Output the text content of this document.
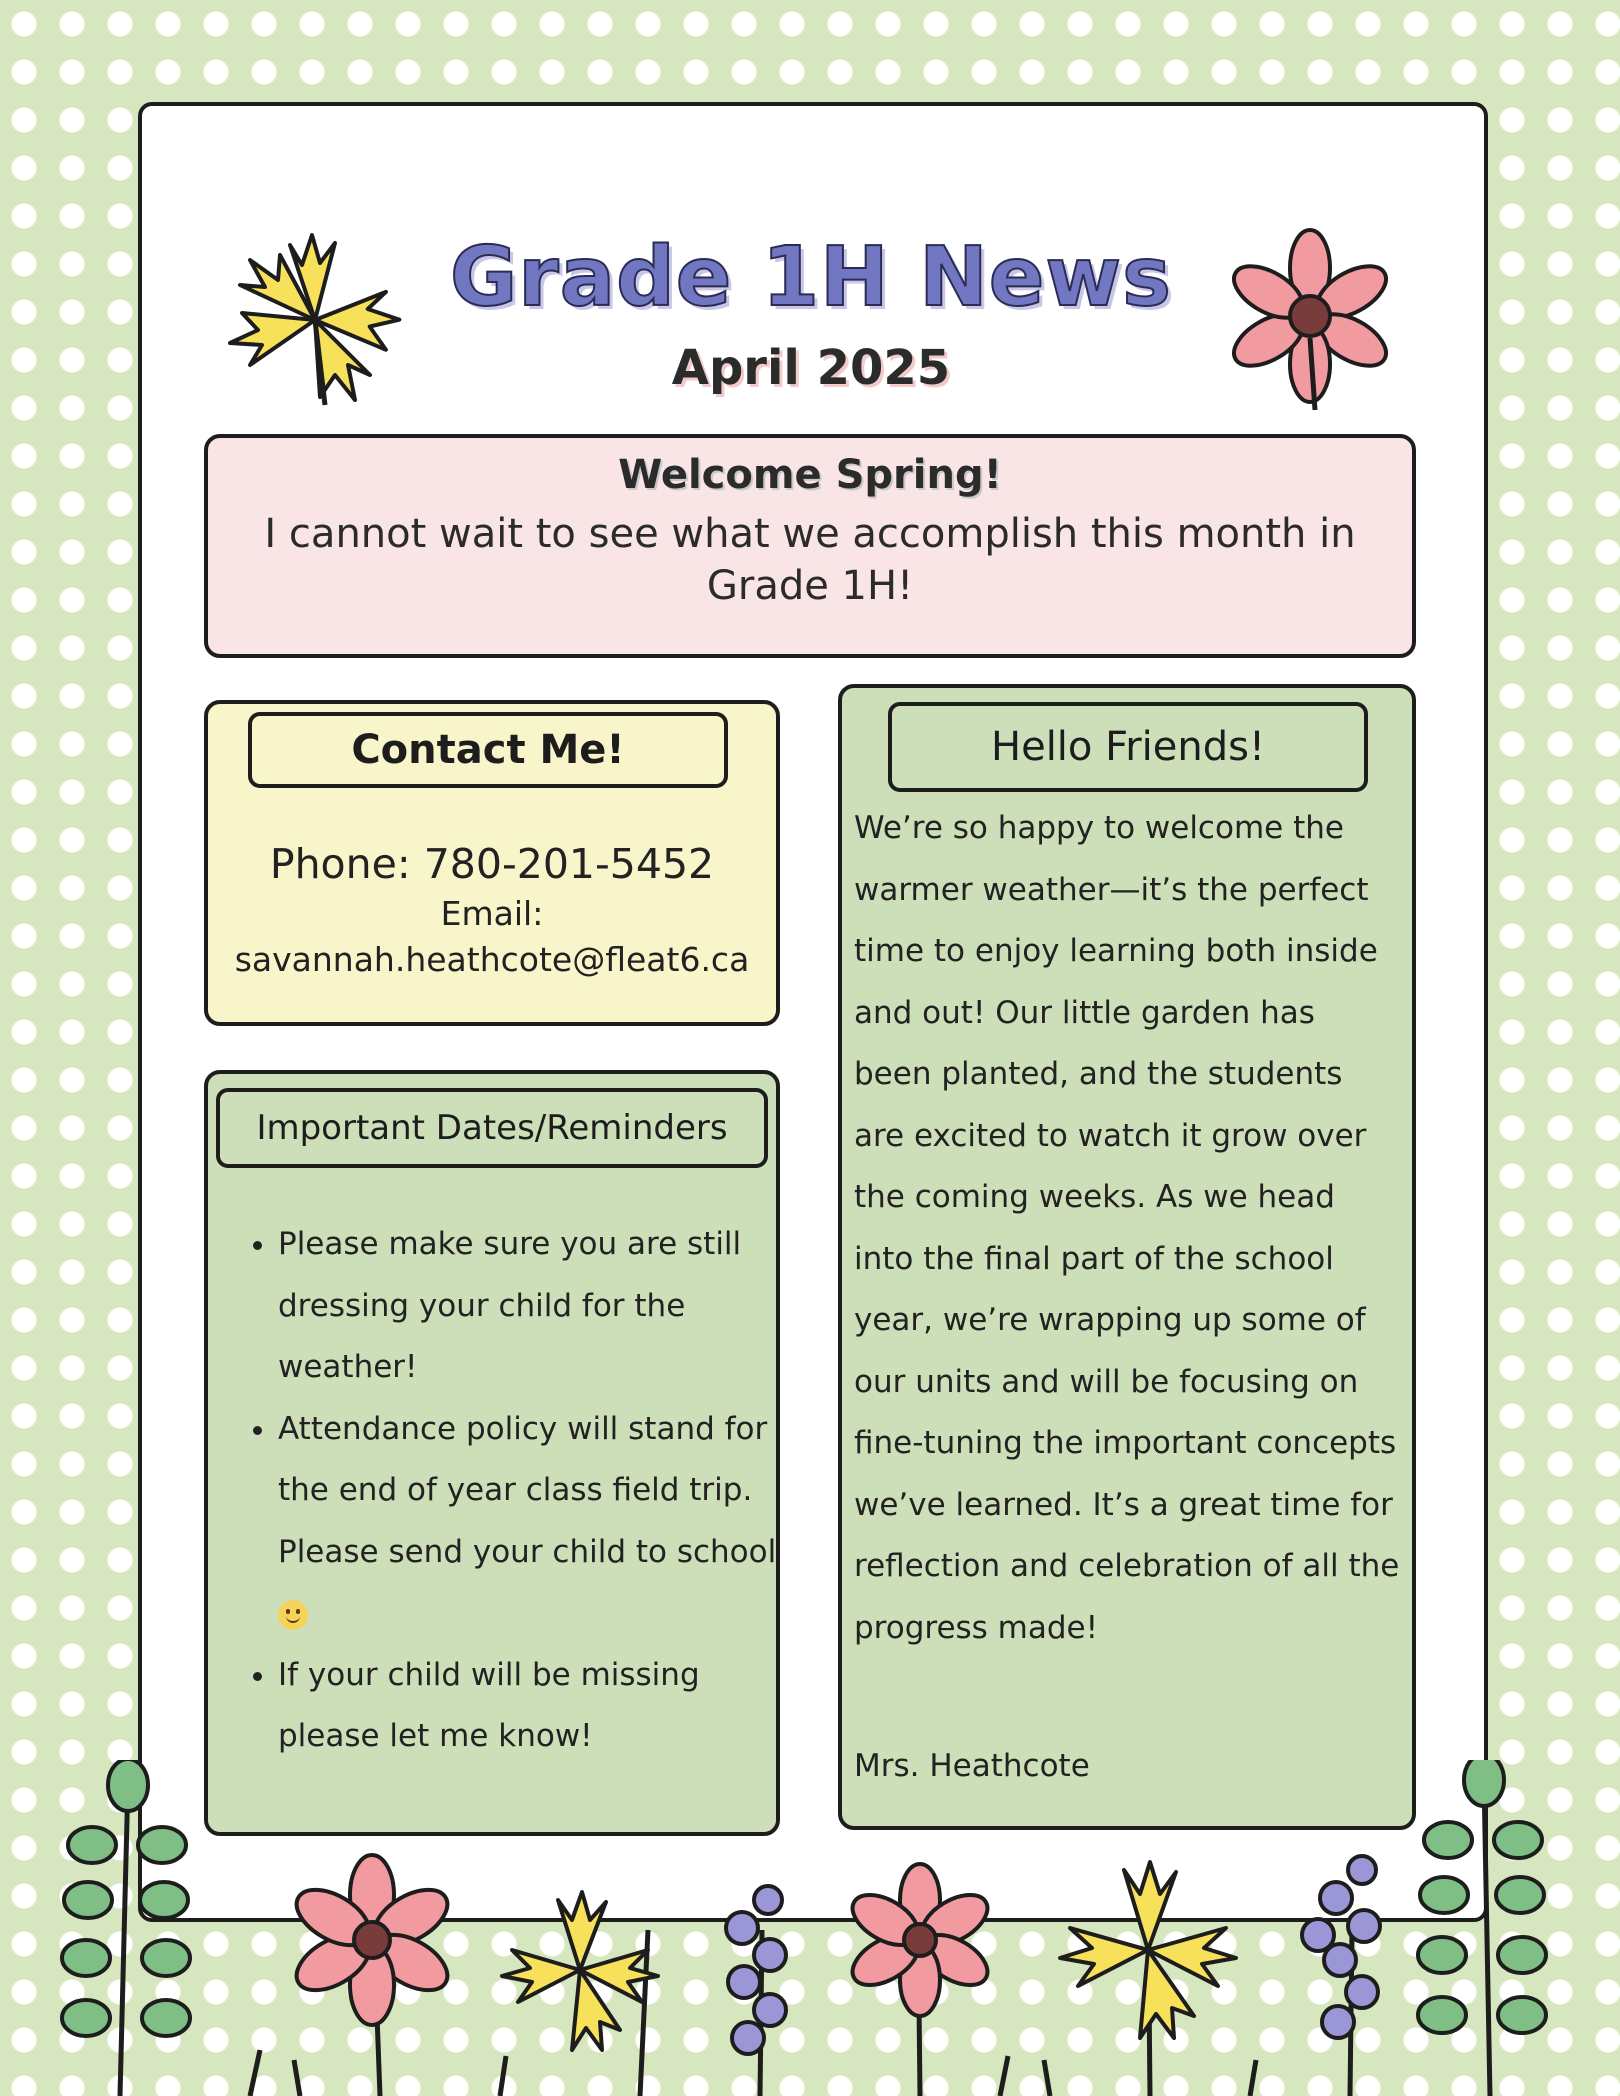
Grade 1H News
April 2025
Welcome Spring!
I cannot wait to see what we accomplish this month in Grade 1H!
Contact Me!
Phone: 780-201-5452
Email:
savannah.heathcote@fleat6.ca
Important Dates/Reminders
• Please make sure you are still dressing your child for the weather!
• Attendance policy will stand for the end of year class field trip. Please send your child to school
• If your child will be missing please let me know!
Hello Friends!

We’re so happy to welcome the warmer weather—it’s the perfect time to enjoy learning both inside and out! Our little garden has been planted, and the students are excited to watch it grow over the coming weeks. As we head into the final part of the school year, we’re wrapping up some of our units and will be focusing on fine-tuning the important concepts we’ve learned. It’s a great time for reflection and celebration of all the progress made!

Mrs. Heathcote
